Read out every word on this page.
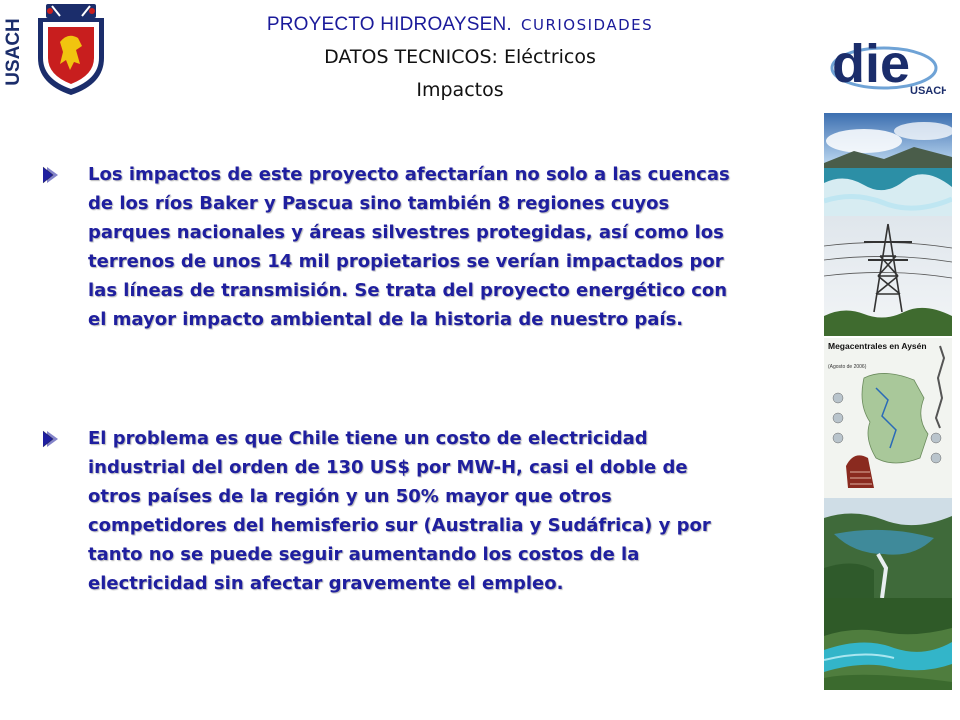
USACH	PROYECTO HIDROAYSEN. CURIOSIDADES
DATOS TECNICOS: Eléctricos
Impactos	die USACH
Los impactos de este proyecto afectarían no solo a las cuencas de los ríos Baker y Pascua sino también 8 regiones cuyos parques nacionales y áreas silvestres protegidas, así como los terrenos de unos 14 mil propietarios se verían impactados por las líneas de transmisión. Se trata del proyecto energético con el mayor impacto ambiental de la historia de nuestro país.
El problema es que Chile tiene un costo de electricidad industrial del orden de 130 US$ por MW-H, casi el doble de otros países de la región y un 50% mayor que otros competidores del hemisferio sur (Australia y Sudáfrica) y por tanto no se puede seguir aumentando los costos de la electricidad sin afectar gravemente el empleo.
Megacentrales en Aysén
(Agosto de 2006)
